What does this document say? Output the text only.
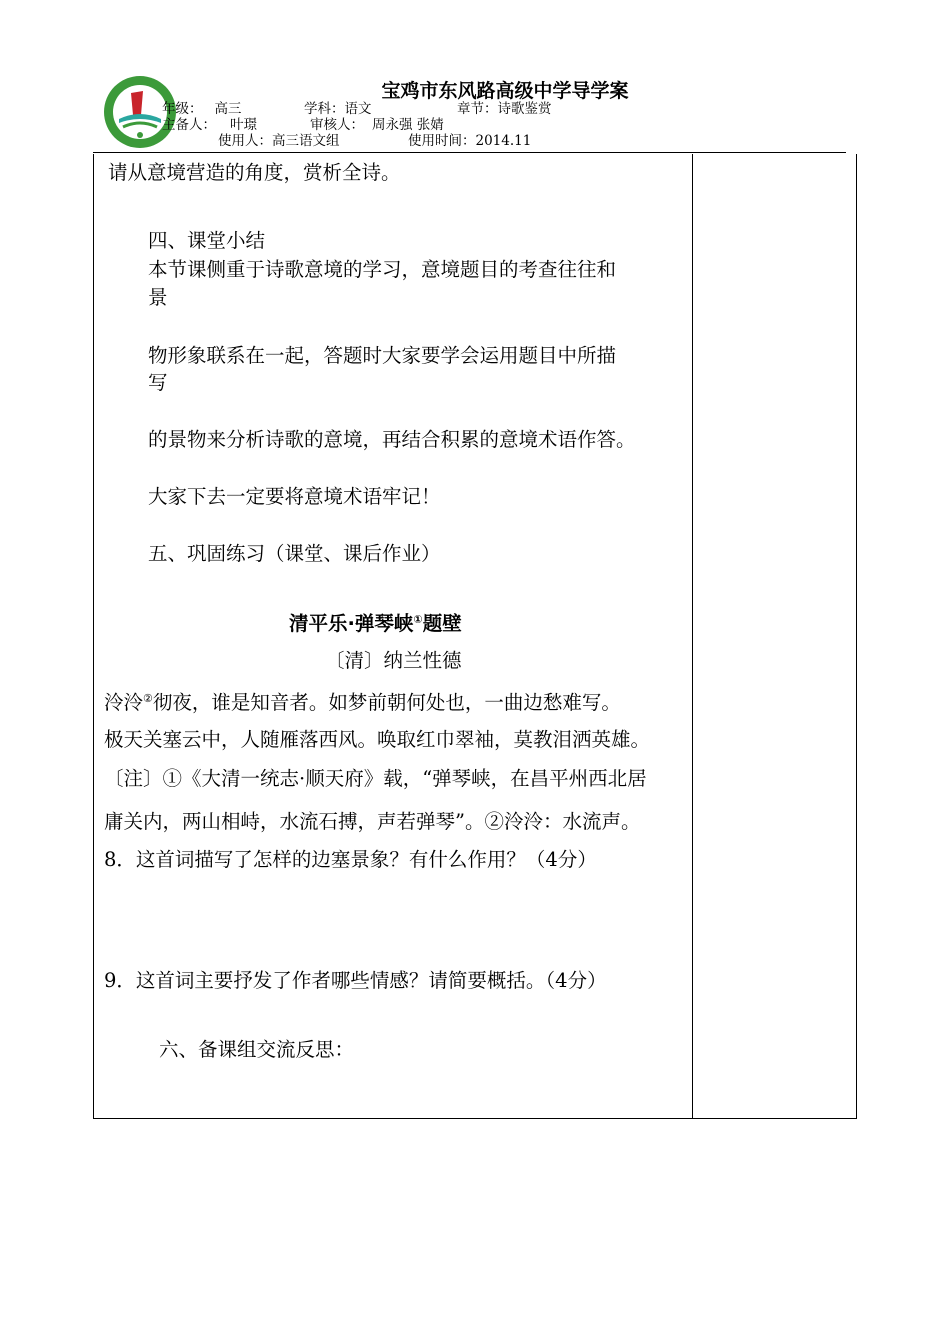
宝鸡市东风路高级中学导学案
年级： 高三	学科：语文	章节：诗歌鉴赏
主备人： 叶璟	审核人： 周永强 张婧
使用人：高三语文组	使用时间：2014.11
请从意境营造的角度，赏析全诗。
四、课堂小结
本节课侧重于诗歌意境的学习，意境题目的考查往往和
景
物形象联系在一起，答题时大家要学会运用题目中所描
写
的景物来分析诗歌的意境，再结合积累的意境术语作答。
大家下去一定要将意境术语牢记！
五、巩固练习（课堂、课后作业）
清平乐·弹琴峡①题壁
〔清〕纳兰性德
泠泠②彻夜，谁是知音者。如梦前朝何处也，一曲边愁难写。
极天关塞云中，人随雁落西风。唤取红巾翠袖，莫教泪洒英雄。
〔注〕①《大清一统志·顺天府》载，“弹琴峡，在昌平州西北居
庸关内，两山相峙，水流石搏，声若弹琴”。②泠泠：水流声。
8．这首词描写了怎样的边塞景象？有什么作用？（4分）
9．这首词主要抒发了作者哪些情感？请简要概括。（4分）
六、备课组交流反思：
